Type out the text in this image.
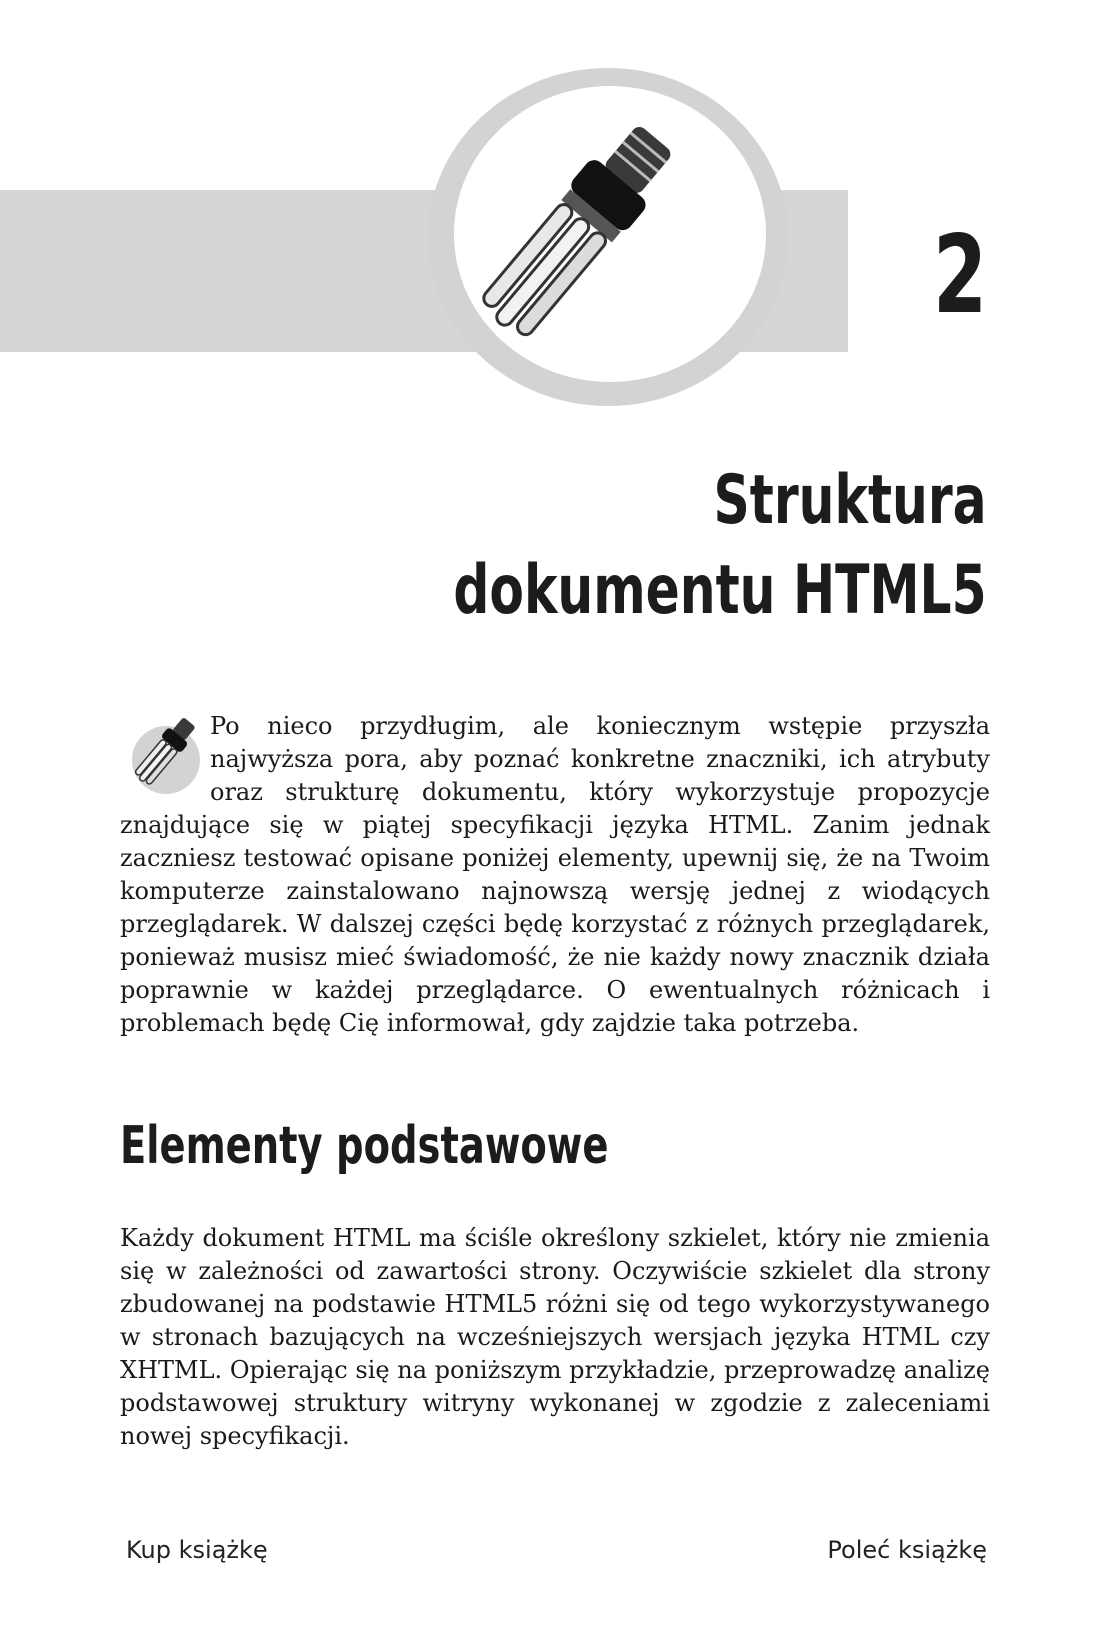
2
Struktura
dokumentu HTML5
Po nieco przydługim, ale koniecznym wstępie przyszła najwyższa pora, aby poznać konkretne znaczniki, ich atrybuty oraz strukturę dokumentu, który wykorzystuje propozycje znajdujące się w piątej specyfikacji języka HTML. Zanim jednak zaczniesz testować opisane poniżej elementy, upewnij się, że na Twoim komputerze zainstalowano najnowszą wersję jednej z wiodących przeglądarek. W dalszej części będę korzystać z różnych przeglądarek, ponieważ musisz mieć świadomość, że nie każdy nowy znacznik działa poprawnie w każdej przeglądarce. O ewentualnych różnicach i problemach będę Cię informował, gdy zajdzie taka potrzeba.
Elementy podstawowe
Każdy dokument HTML ma ściśle określony szkielet, który nie zmienia się w zależności od zawartości strony. Oczywiście szkielet dla strony zbudowanej na podstawie HTML5 różni się od tego wykorzystywanego w stronach bazujących na wcześniejszych wersjach języka HTML czy XHTML. Opierając się na poniższym przykładzie, przeprowadzę analizę podstawowej struktury witryny wykonanej w zgodzie z zaleceniami nowej specyfikacji.
Kup książkę	Poleć książkę
